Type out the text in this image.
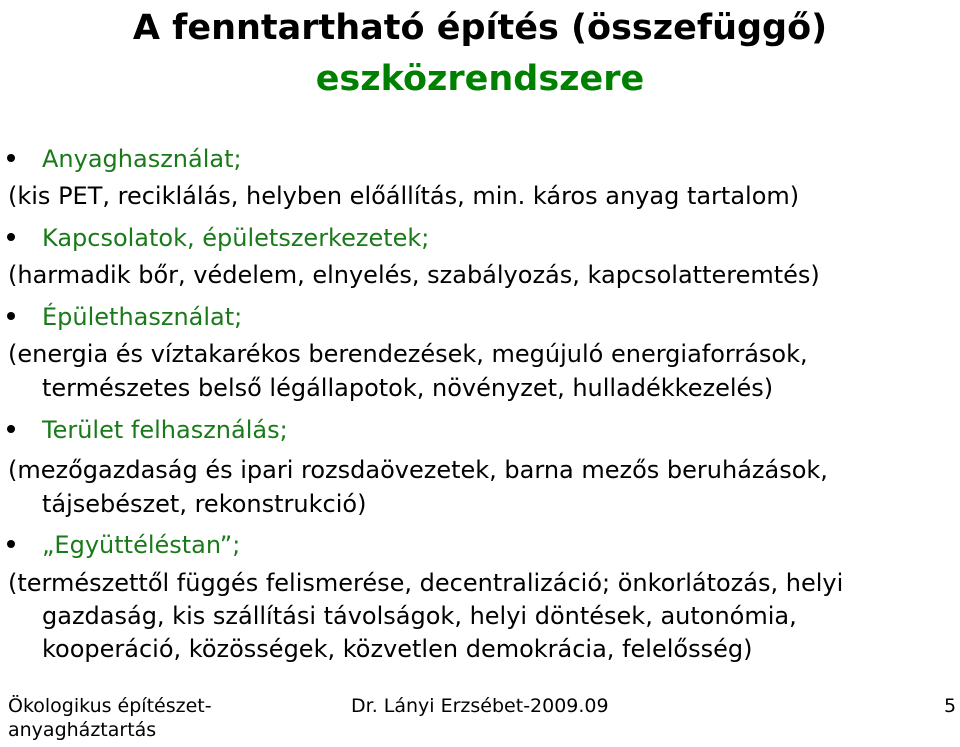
A fenntartható építés (összefüggő)
eszközrendszere
Anyaghasználat;
(kis PET, reciklálás, helyben előállítás, min. káros anyag tartalom)
Kapcsolatok, épületszerkezetek;
(harmadik bőr, védelem, elnyelés, szabályozás, kapcsolatteremtés)
Épülethasználat;
(energia és víztakarékos berendezések, megújuló energiaforrások,
természetes belső légállapotok, növényzet, hulladékkezelés)
Terület felhasználás;
(mezőgazdaság és ipari rozsdaövezetek, barna mezős beruházások,
tájsebészet, rekonstrukció)
„Együttéléstan”;
(természettől függés felismerése, decentralizáció; önkorlátozás, helyi
gazdaság, kis szállítási távolságok, helyi döntések, autonómia,
kooperáció, közösségek, közvetlen demokrácia, felelősség)
Ökologikus építészet-
anyagháztartás
Dr. Lányi Erzsébet-2009.09	5
